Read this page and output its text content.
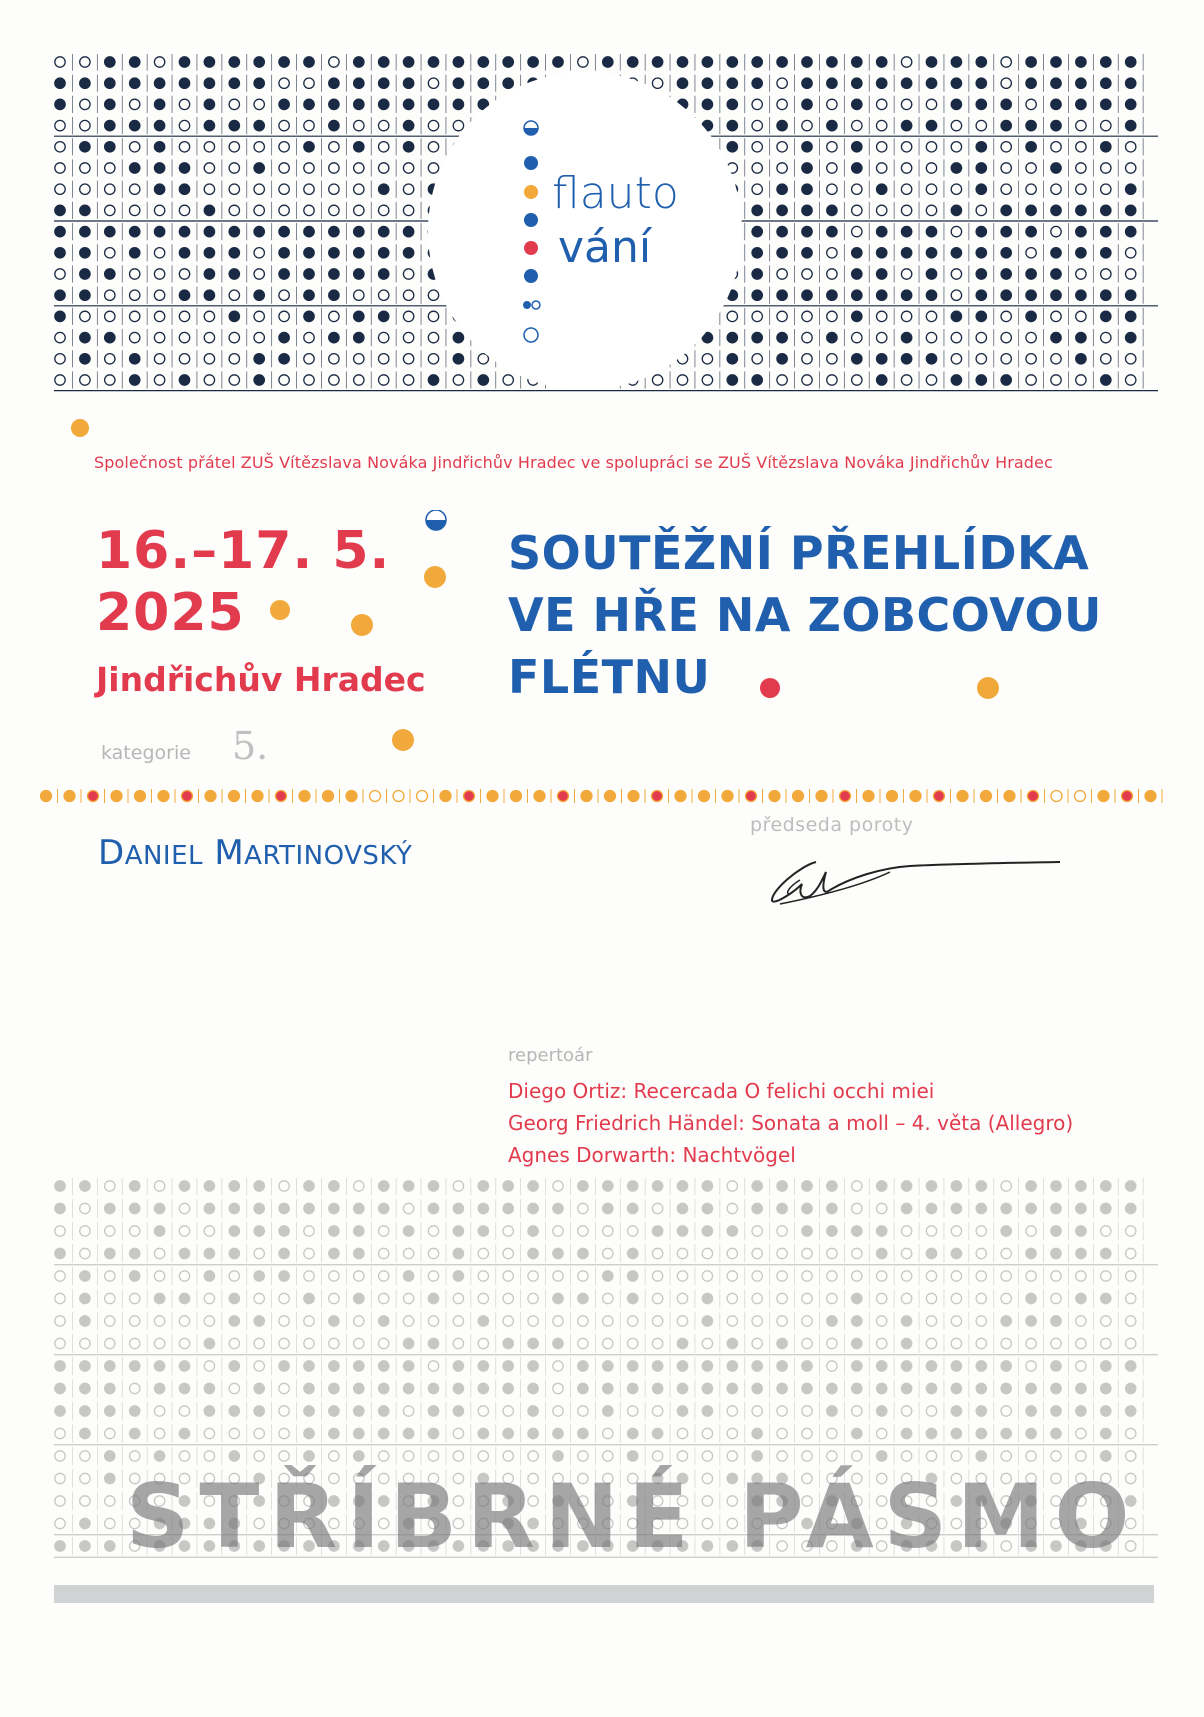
flauto
vání
Společnost přátel ZUŠ Vítězslava Nováka Jindřichův Hradec ve spolupráci se ZUŠ Vítězslava Nováka Jindřichův Hradec
16.–17. 5.
2025
Jindřichův Hradec
kategorie 5.
SOUTĚŽNÍ PŘEHLÍDKA
VE HŘE NA ZOBCOVOU
FLÉTNU
DANIEL MARTINOVSKÝ
předseda poroty
repertoár
Diego Ortiz: Recercada O felichi occhi miei
Georg Friedrich Händel: Sonata a moll – 4. věta (Allegro)
Agnes Dorwarth: Nachtvögel
STŘÍBRNÉ PÁSMO
